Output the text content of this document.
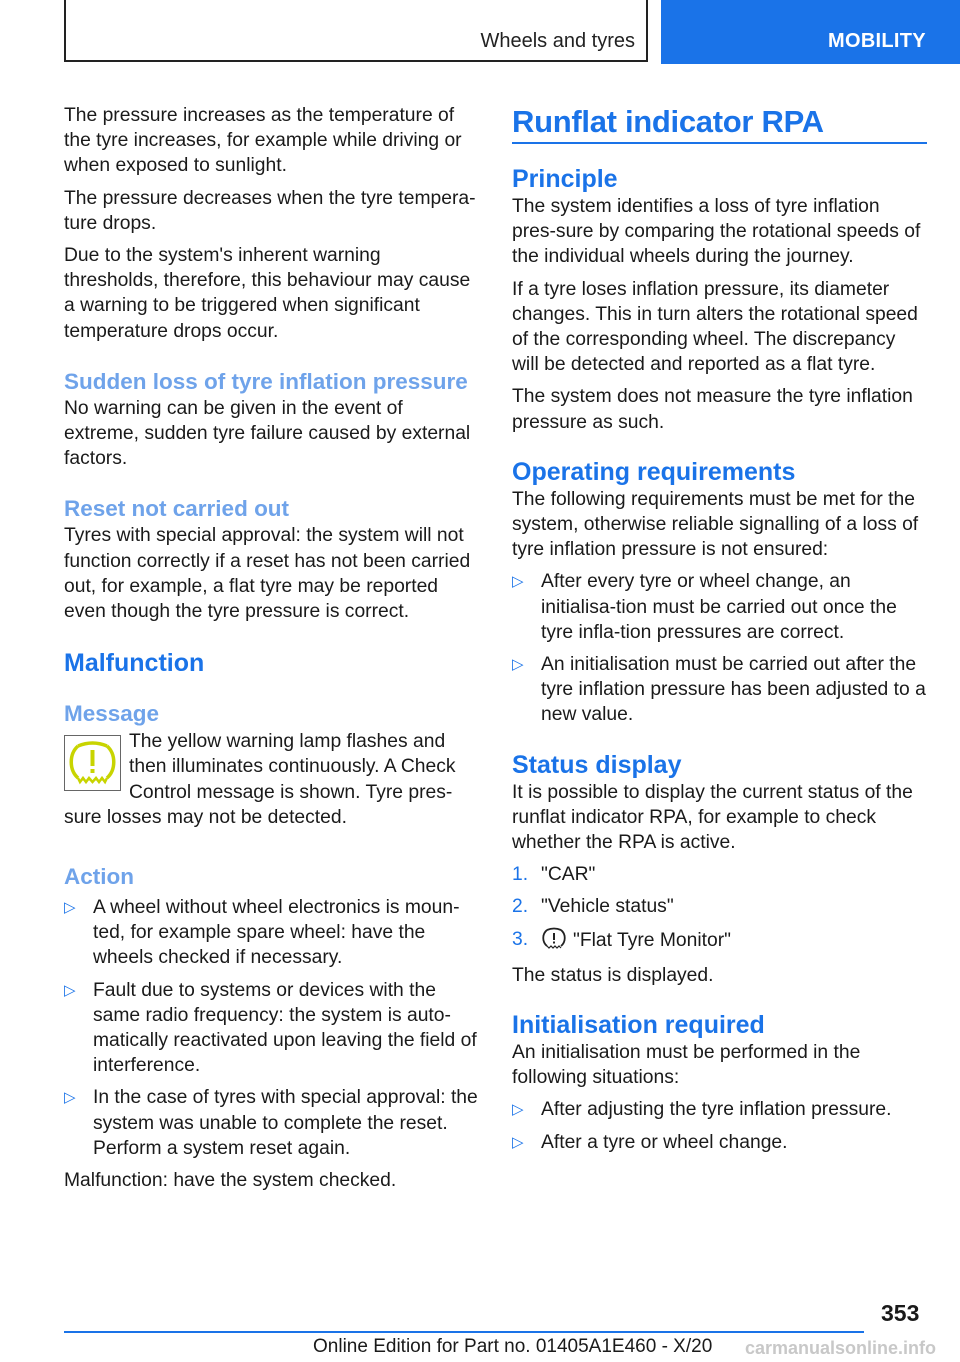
Wheels and tyres	MOBILITY

The pressure increases as the temperature of the tyre increases, for example while driving or when exposed to sunlight.

The pressure decreases when the tyre tempera‐ture drops.

Due to the system's inherent warning thresholds, therefore, this behaviour may cause a warning to be triggered when significant temperature drops occur.

Sudden loss of tyre inflation pressure

No warning can be given in the event of extreme, sudden tyre failure caused by external factors.

Reset not carried out

Tyres with special approval: the system will not function correctly if a reset has not been carried out, for example, a flat tyre may be reported even though the tyre pressure is correct.

Malfunction
Message

The yellow warning lamp flashes and then illuminates continuously. A Check Control message is shown. Tyre pres‐sure losses may not be detected.

Action
▷ A wheel without wheel electronics is moun‐ted, for example spare wheel: have the wheels checked if necessary.
▷ Fault due to systems or devices with the same radio frequency: the system is auto‐matically reactivated upon leaving the field of interference.
▷ In the case of tyres with special approval: the system was unable to complete the reset. Perform a system reset again.

Malfunction: have the system checked.

Runflat indicator RPA
Principle

The system identifies a loss of tyre inflation pres‐sure by comparing the rotational speeds of the individual wheels during the journey.

If a tyre loses inflation pressure, its diameter changes. This in turn alters the rotational speed of the corresponding wheel. The discrepancy will be detected and reported as a flat tyre.

The system does not measure the tyre inflation pressure as such.

Operating requirements

The following requirements must be met for the system, otherwise reliable signalling of a loss of tyre inflation pressure is not ensured:

▷ After every tyre or wheel change, an initialisa‐tion must be carried out once the tyre infla‐tion pressures are correct.
▷ An initialisation must be carried out after the tyre inflation pressure has been adjusted to a new value.
Status display

It is possible to display the current status of the runflat indicator RPA, for example to check whether the RPA is active.

1. "CAR"
2. "Vehicle status"
3. "Flat Tyre Monitor"

The status is displayed.

Initialisation required

An initialisation must be performed in the following situations:

▷ After adjusting the tyre inflation pressure.
▷ After a tyre or wheel change.
353
Online Edition for Part no. 01405A1E460 - X/20 carmanualsonline.info
